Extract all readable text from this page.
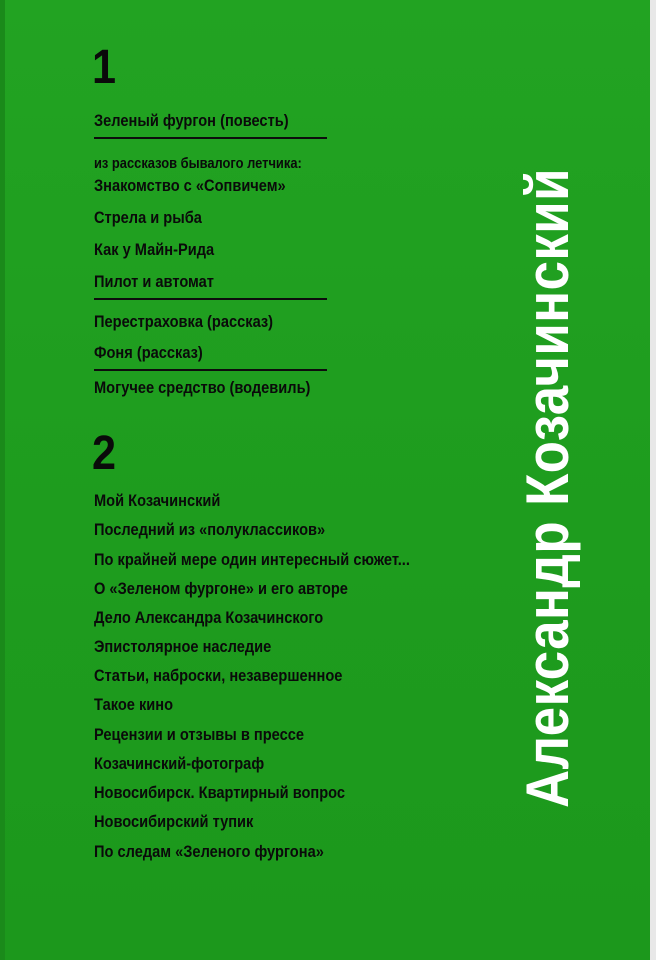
1
Зеленый фургон (повесть)
из рассказов бывалого летчика:
Знакомство с «Сопвичем»
Стрела и рыба
Как у Майн-Рида
Пилот и автомат
Перестраховка (рассказ)
Фоня (рассказ)
Могучее средство (водевиль)
2
Мой Козачинский
Последний из «полуклассиков»
По крайней мере один интересный сюжет...
О «Зеленом фургоне» и его авторе
Дело Александра Козачинского
Эпистолярное наследие
Статьи, наброски, незавершенное
Такое кино
Рецензии и отзывы в прессе
Козачинский-фотограф
Новосибирск. Квартирный вопрос
Новосибирский тупик
По следам «Зеленого фургона»
Александр Козачинский
